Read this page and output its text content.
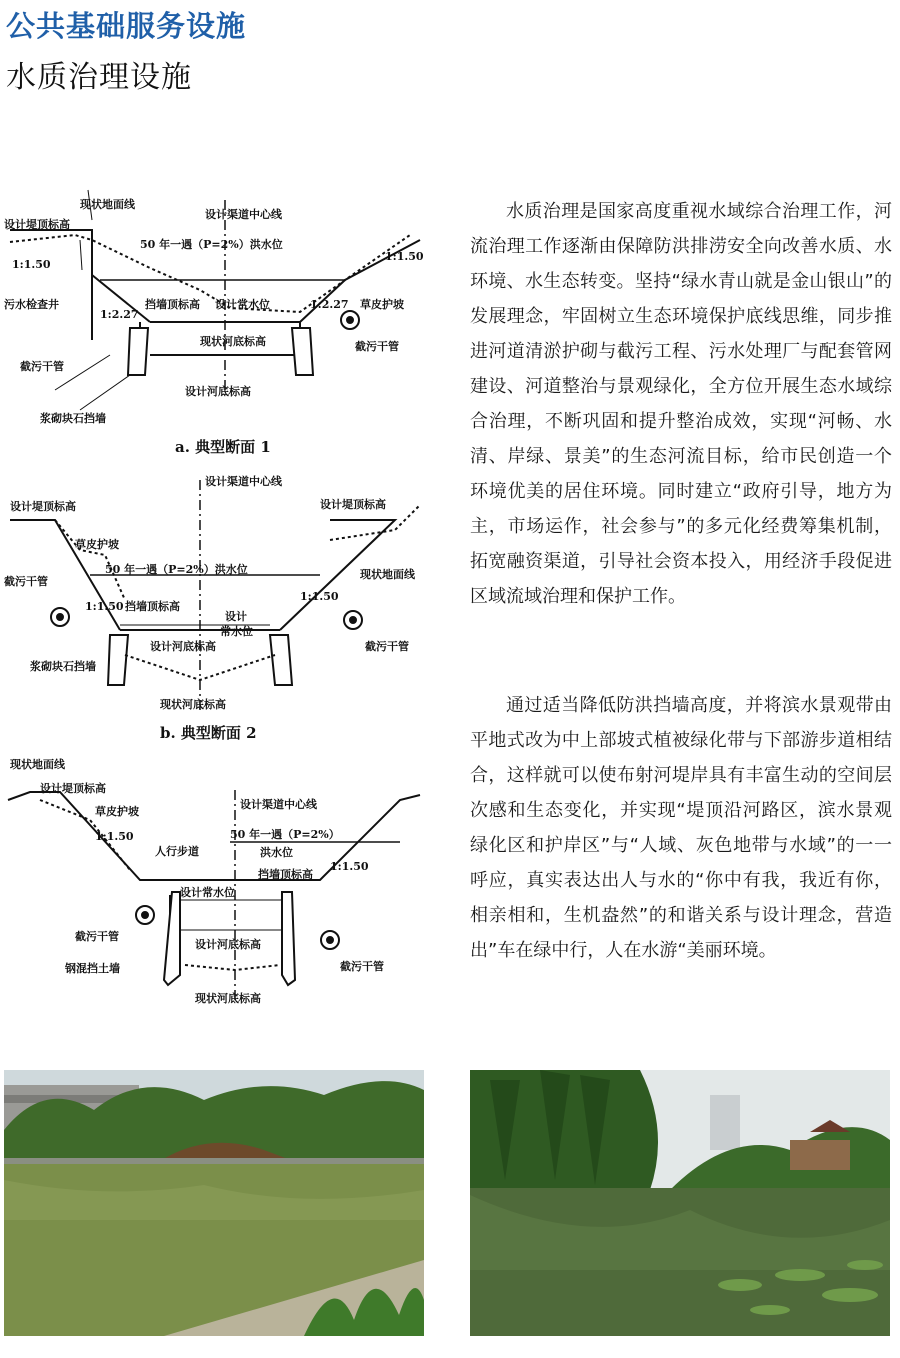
公共基础服务设施
水质治理设施
现状地面线
设计堤顶标高
设计渠道中心线
50 年一遇（P=2%）洪水位
1:1.50
1:1.50
污水检查井
1:2.27
1:2.27
挡墙顶标高 设计常水位	草皮护坡
现状河底标高
截污干管
截污干管
设计河底标高
浆砌块石挡墙
a. 典型断面 1
设计渠道中心线
设计堤顶标高	设计堤顶标高
草皮护坡
50 年一遇（P=2%）洪水位
截污干管
现状地面线
1:1.50
1:1.50
挡墙顶标高
设计
常水位
截污干管
设计河底标高
浆砌块石挡墙
现状河底标高
b. 典型断面 2
现状地面线
设计堤顶标高
设计渠道中心线
草皮护坡
50 年一遇（P=2%）
洪水位
1:1.50
1:1.50
人行步道
挡墙顶标高
设计常水位
截污干管
设计河底标高
钢混挡土墙	截污干管
现状河底标高

水质治理是国家高度重视水域综合治理工作，河流治理工作逐渐由保障防洪排涝安全向改善水质、水环境、水生态转变。坚持“绿水青山就是金山银山”的发展理念，牢固树立生态环境保护底线思维，同步推进河道清淤护砌与截污工程、污水处理厂与配套管网建设、河道整治与景观绿化，全方位开展生态水域综合治理，不断巩固和提升整治成效，实现“河畅、水清、岸绿、景美”的生态河流目标，给市民创造一个环境优美的居住环境。同时建立“政府引导，地方为主，市场运作，社会参与”的多元化经费筹集机制，拓宽融资渠道，引导社会资本投入，用经济手段促进区域流域治理和保护工作。

通过适当降低防洪挡墙高度，并将滨水景观带由平地式改为中上部坡式植被绿化带与下部游步道相结合，这样就可以使布射河堤岸具有丰富生动的空间层次感和生态变化，并实现“堤顶沿河路区，滨水景观绿化区和护岸区”与“人域、灰色地带与水域”的一一呼应，真实表达出人与水的“你中有我，我近有你，相亲相和，生机盎然”的和谐关系与设计理念，营造出”车在绿中行，人在水游“美丽环境。
